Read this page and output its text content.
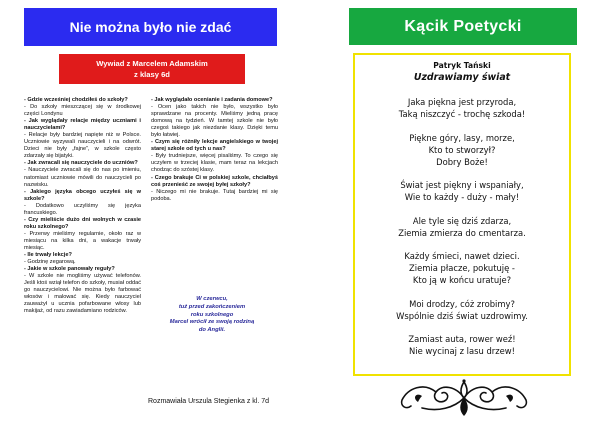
Nie można było nie zdać
Wywiad z Marcelem Adamskim
z klasy 6d

- Gdzie wcześniej chodziłeś do szkoły?

- Do szkoły mieszczącej się w środkowej części Londynu

- Jak wyglądały relacje między uczniami i nauczycielami?

- Relacje były bardziej napięte niż w Polsce. Uczniowie wyzywali nauczycieli i na odwrót. Dzieci nie były „fajne”, w szkole często zdarzały się bijatyki.

- Jak zwracali się nauczyciele do uczniów?

- Nauczyciele zwracali się do nas po imieniu, natomiast uczniowie mówili do nauczycieli po nazwisku.

- Jakiego języka obcego uczyłeś się w szkole?

- Dodatkowo uczyliśmy się języka francuskiego.

- Czy mieliście dużo dni wolnych w czasie roku szkolnego?

- Przerwy mieliśmy regularnie, około raz w miesiącu na kilka dni, a wakacje trwały miesiąc.

- Ile trwały lekcje?

- Godzinę zegarową.

- Jakie w szkole panowały reguły?

- W szkole nie mogliśmy używać telefonów. Jeśli ktoś wziął telefon do szkoły, musiał oddać go nauczycielowi. Nie można było farbować włosów i malować się. Kiedy nauczyciel zauważył u ucznia pofarbowane włosy lub makijaż, od razu zawiadamiano rodziców.

- Jak wyglądało ocenianie i zadania domowe?

- Ocen jako takich nie było, wszystko było sprawdzane na procenty. Mieliśmy jedną pracę domową na tydzień. W tamtej szkole nie było czegoś takiego jak niezdanie klasy. Dzięki temu było łatwiej.

- Czym się różniły lekcje angielskiego w twojej starej szkole od tych u nas?

- Były trudniejsze, więcej pisaliśmy. To czego się uczyłem w trzeciej klasie, mam teraz na lekcjach chodząc do szóstej klasy.

- Czego brakuje Ci w polskiej szkole, chciałbyś coś przenieść ze swojej byłej szkoły?

- Niczego mi nie brakuje. Tutaj bardziej mi się podoba.

W czerwcu,
tuż przed zakończeniem
roku szkolnego
Marcel wrócił ze swoją rodziną
do Anglii.
Rozmawiała Urszula Stegienka z kl. 7d
Kącik Poetycki
Patryk Tański
Uzdrawiamy świat
Jaka piękna jest przyroda,
Taką niszczyć - trochę szkoda!
Piękne góry, lasy, morze,
Kto to stworzył?
Dobry Boże!
Świat jest piękny i wspaniały,
Wie to każdy - duży - mały!
Ale tyle się dziś zdarza,
Ziemia zmierza do cmentarza.
Każdy śmieci, nawet dzieci.
Ziemia płacze, pokutuję -
Kto ją w końcu uratuje?
Moi drodzy, cóż zrobimy?
Wspólnie dziś świat uzdrowimy.
Zamiast auta, rower weź!
Nie wycinaj z lasu drzew!
